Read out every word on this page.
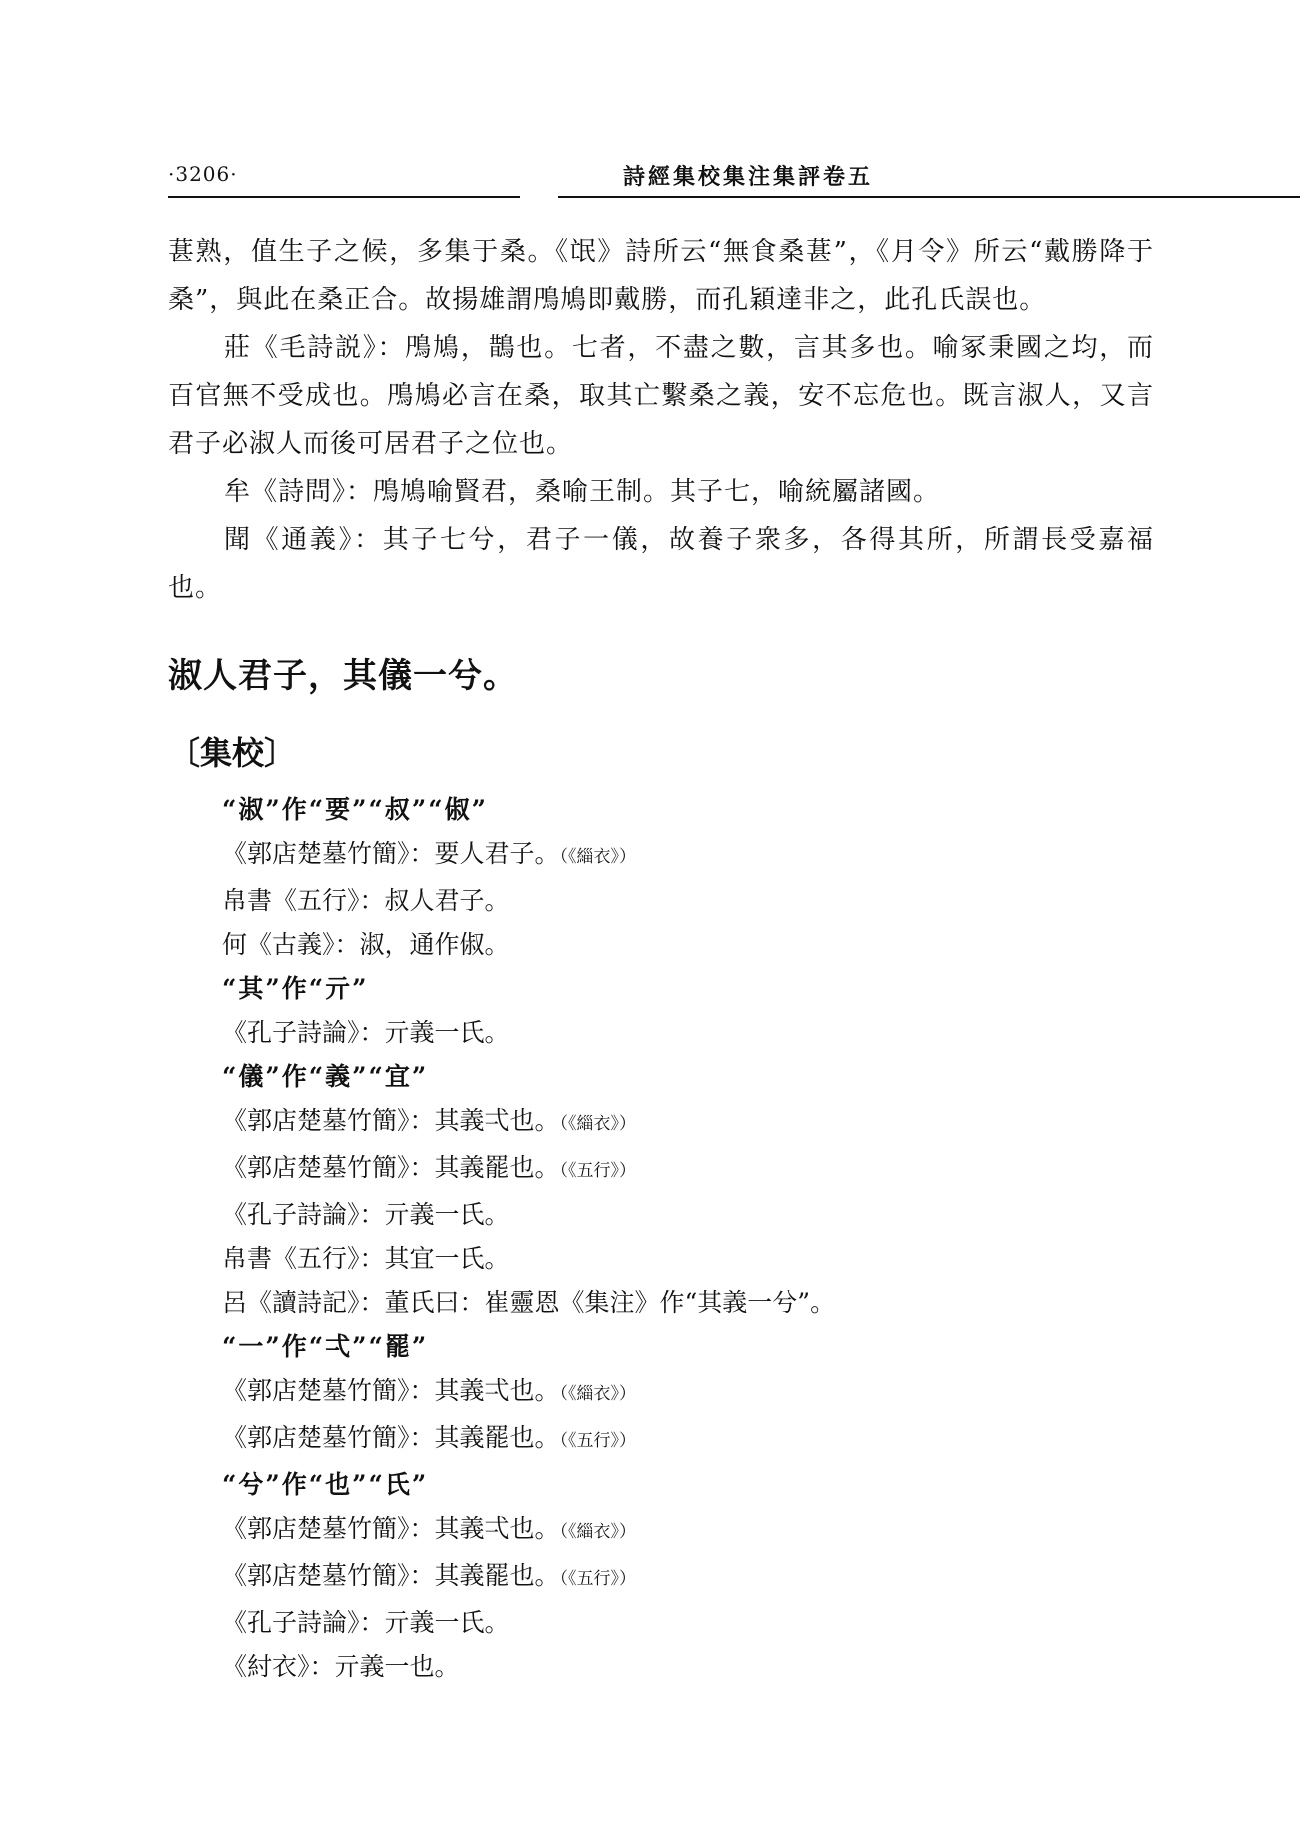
·3206·	詩經集校集注集評卷五

葚熟，值生子之候，多集于桑。《氓》詩所云“無食桑葚”，《月令》所云“戴勝降于桑”，與此在桑正合。故揚雄謂鳲鳩即戴勝，而孔穎達非之，此孔氏誤也。

莊《毛詩説》：鳲鳩，鵲也。七者，不盡之數，言其多也。喻冢秉國之均，而百官無不受成也。鳲鳩必言在桑，取其亡繫桑之義，安不忘危也。既言淑人，又言君子必淑人而後可居君子之位也。

牟《詩問》：鳲鳩喻賢君，桑喻王制。其子七，喻統屬諸國。

聞《通義》：其子七兮，君子一儀，故養子衆多，各得其所，所謂長受嘉福也。

淑人君子，其儀一兮。
〔集校〕
“淑”作“要”“叔”“俶”
《郭店楚墓竹簡》：要人君子。（《緇衣》）
帛書《五行》：叔人君子。
何《古義》：淑，通作俶。
“其”作“亓”
《孔子詩論》：亓義一氏。
“儀”作“義”“宜”
《郭店楚墓竹簡》：其義弌也。（《緇衣》）
《郭店楚墓竹簡》：其義罷也。（《五行》）
《孔子詩論》：亓義一氏。
帛書《五行》：其宜一氏。
呂《讀詩記》：董氏曰：崔靈恩《集注》作“其義一兮”。
“一”作“弌”“罷”
《郭店楚墓竹簡》：其義弌也。（《緇衣》）
《郭店楚墓竹簡》：其義罷也。（《五行》）
“兮”作“也”“氏”
《郭店楚墓竹簡》：其義弌也。（《緇衣》）
《郭店楚墓竹簡》：其義罷也。（《五行》）
《孔子詩論》：亓義一氏。
《紂衣》：亓義一也。
